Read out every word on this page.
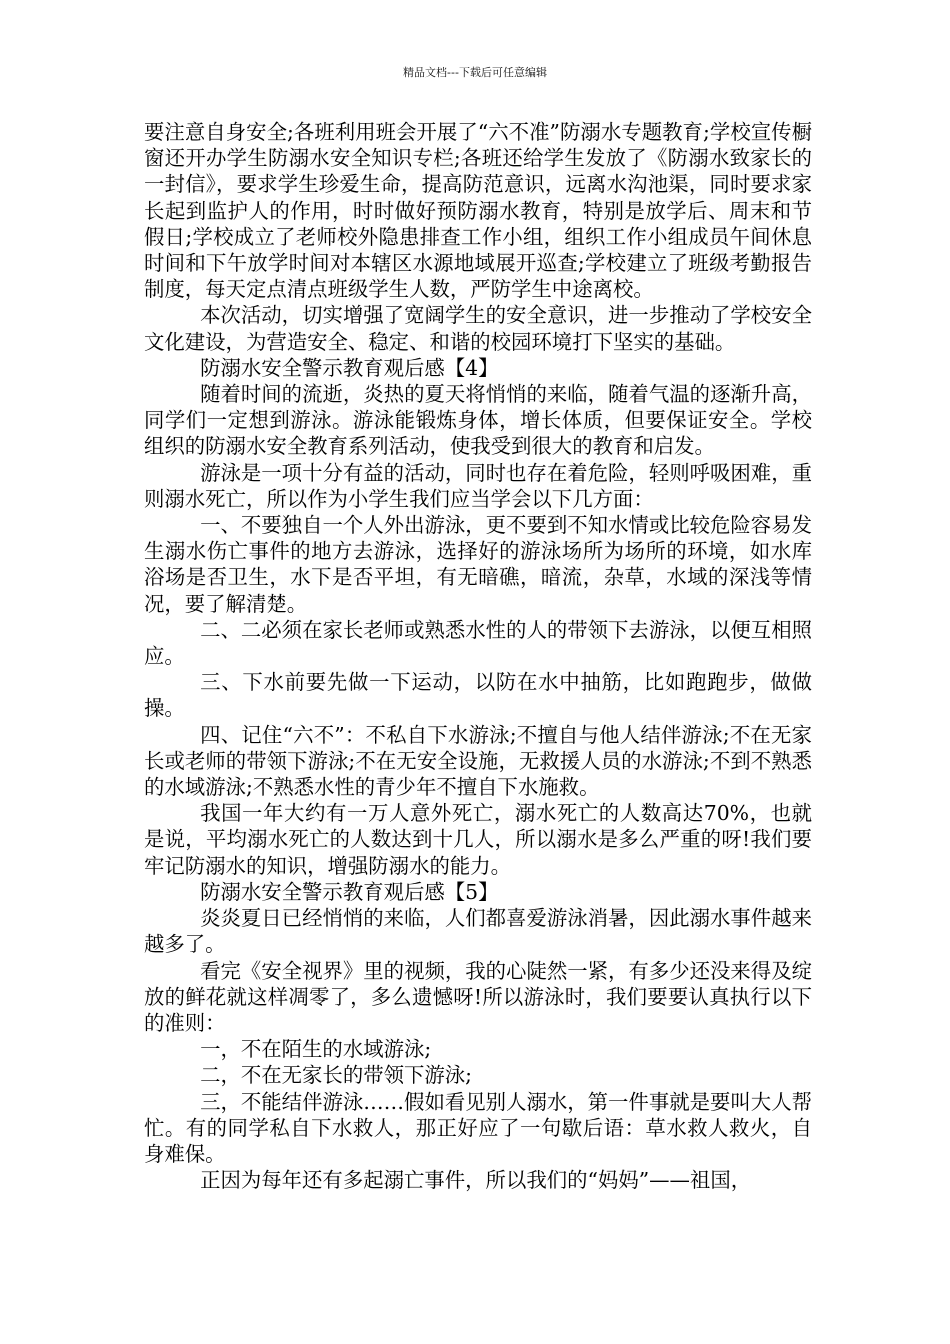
精品文档---下载后可任意编辑

要注意自身安全;各班利用班会开展了“六不准”防溺水专题教育;学校宣传橱窗还开办学生防溺水安全知识专栏;各班还给学生发放了《防溺水致家长的一封信》，要求学生珍爱生命，提高防范意识，远离水沟池渠，同时要求家长起到监护人的作用，时时做好预防溺水教育，特别是放学后、周末和节假日;学校成立了老师校外隐患排查工作小组，组织工作小组成员午间休息时间和下午放学时间对本辖区水源地域展开巡查;学校建立了班级考勤报告制度，每天定点清点班级学生人数，严防学生中途离校。

本次活动，切实增强了宽阔学生的安全意识，进一步推动了学校安全文化建设，为营造安全、稳定、和谐的校园环境打下坚实的基础。

防溺水安全警示教育观后感【4】

随着时间的流逝，炎热的夏天将悄悄的来临，随着气温的逐渐升高，同学们一定想到游泳。游泳能锻炼身体，增长体质，但要保证安全。学校组织的防溺水安全教育系列活动，使我受到很大的教育和启发。

游泳是一项十分有益的活动，同时也存在着危险，轻则呼吸困难，重则溺水死亡，所以作为小学生我们应当学会以下几方面：

一、不要独自一个人外出游泳，更不要到不知水情或比较危险容易发生溺水伤亡事件的地方去游泳，选择好的游泳场所为场所的环境，如水库浴场是否卫生，水下是否平坦，有无暗礁，暗流，杂草，水域的深浅等情况，要了解清楚。

二、二必须在家长老师或熟悉水性的人的带领下去游泳，以便互相照应。

三、下水前要先做一下运动，以防在水中抽筋，比如跑跑步，做做操。

四、记住“六不”：不私自下水游泳;不擅自与他人结伴游泳;不在无家长或老师的带领下游泳;不在无安全设施，无救援人员的水游泳;不到不熟悉的水域游泳;不熟悉水性的青少年不擅自下水施救。

我国一年大约有一万人意外死亡，溺水死亡的人数高达70%，也就是说，平均溺水死亡的人数达到十几人，所以溺水是多么严重的呀!我们要牢记防溺水的知识，增强防溺水的能力。

防溺水安全警示教育观后感【5】

炎炎夏日已经悄悄的来临，人们都喜爱游泳消暑，因此溺水事件越来越多了。

看完《安全视界》里的视频，我的心陡然一紧，有多少还没来得及绽放的鲜花就这样凋零了，多么遗憾呀!所以游泳时，我们要要认真执行以下的准则：

一，不在陌生的水域游泳;

二，不在无家长的带领下游泳;

三，不能结伴游泳……假如看见别人溺水，第一件事就是要叫大人帮忙。有的同学私自下水救人，那正好应了一句歇后语：草水救人救火，自身难保。

正因为每年还有多起溺亡事件，所以我们的“妈妈”——祖国，
